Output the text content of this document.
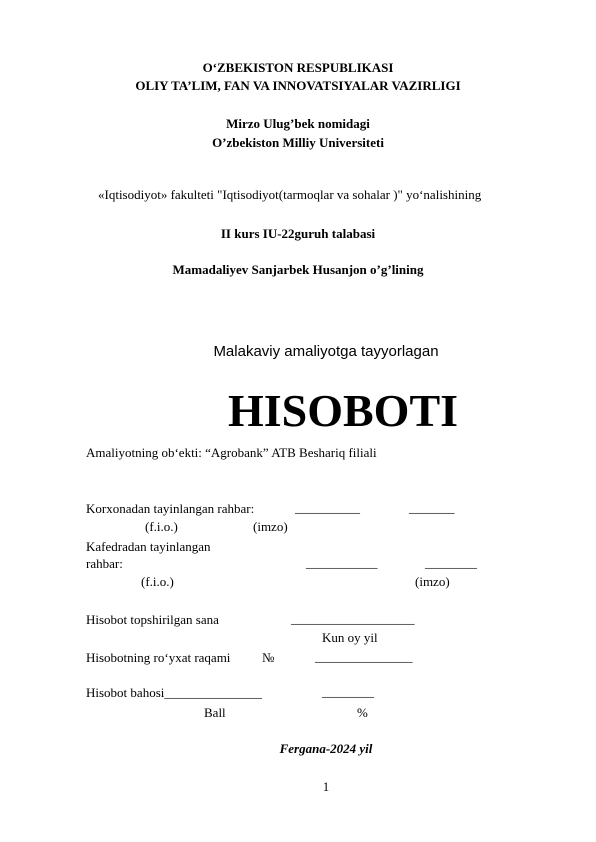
O‘ZBEKISTON RESPUBLIKASI
OLIY TA’LIM, FAN VA INNOVATSIYALAR VAZIRLIGI
Mirzo Ulug’bek nomidagi
O’zbekiston Milliy Universiteti
«Iqtisodiyot» fakulteti "Iqtisodiyot(tarmoqlar va sohalar )" yo‘nalishining
II kurs IU-22guruh talabasi
Mamadaliyev Sanjarbek Husanjon o’g’lining
Malakaviy amaliyotga tayyorlagan
HISOBOTI
Amaliyotning ob‘ekti: “Agrobank” ATB Beshariq filiali
Korxonadan tayinlangan rahbar:	__________	_______
(f.i.o.)	(imzo)
Kafedradan tayinlangan
rahbar:	___________	________
(f.i.o.)	(imzo)
Hisobot topshirilgan sana	___________________
Kun oy yil
Hisobotning ro‘yxat raqami №	_______________
Hisobot bahosi_______________	________
Ball	%
Fergana-2024 yil
1
